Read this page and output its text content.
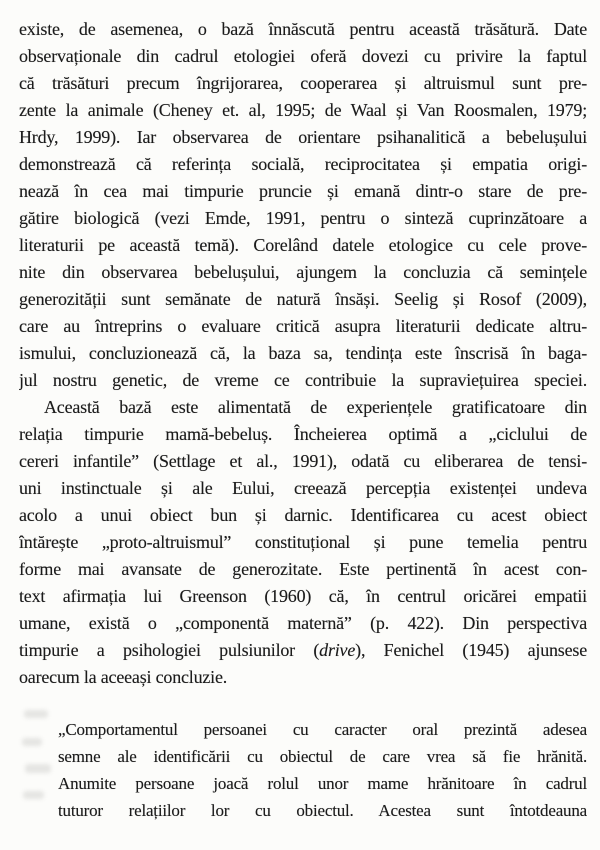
existe, de asemenea, o bază înnăscută pentru această trăsătură. Date
observaționale din cadrul etologiei oferă dovezi cu privire la faptul
că trăsături precum îngrijorarea, cooperarea și altruismul sunt pre-
zente la animale (Cheney et. al, 1995; de Waal și Van Roosmalen, 1979;
Hrdy, 1999). Iar observarea de orientare psihanalitică a bebelușului
demonstrează că referința socială, reciprocitatea și empatia origi-
nează în cea mai timpurie pruncie și emană dintr-o stare de pre-
gătire biologică (vezi Emde, 1991, pentru o sinteză cuprinzătoare a
literaturii pe această temă). Corelând datele etologice cu cele prove-
nite din observarea bebelușului, ajungem la concluzia că semințele
generozității sunt semănate de natură însăși. Seelig și Rosof (2009),
care au întreprins o evaluare critică asupra literaturii dedicate altru-
ismului, concluzionează că, la baza sa, tendința este înscrisă în baga-
jul nostru genetic, de vreme ce contribuie la supraviețuirea speciei.
Această bază este alimentată de experiențele gratificatoare din
relația timpurie mamă-bebeluș. Încheierea optimă a „ciclului de
cereri infantile” (Settlage et al., 1991), odată cu eliberarea de tensi-
uni instinctuale și ale Eului, creează percepția existenței undeva
acolo a unui obiect bun și darnic. Identificarea cu acest obiect
întărește „proto-altruismul” constituțional și pune temelia pentru
forme mai avansate de generozitate. Este pertinentă în acest con-
text afirmația lui Greenson (1960) că, în centrul oricărei empatii
umane, există o „componentă maternă” (p. 422). Din perspectiva
timpurie a psihologiei pulsiunilor (drive), Fenichel (1945) ajunsese
oarecum la aceeași concluzie.
„Comportamentul persoanei cu caracter oral prezintă adesea
semne ale identificării cu obiectul de care vrea să fie hrănită.
Anumite persoane joacă rolul unor mame hrănitoare în cadrul
tuturor relațiilor lor cu obiectul. Acestea sunt întotdeauna
